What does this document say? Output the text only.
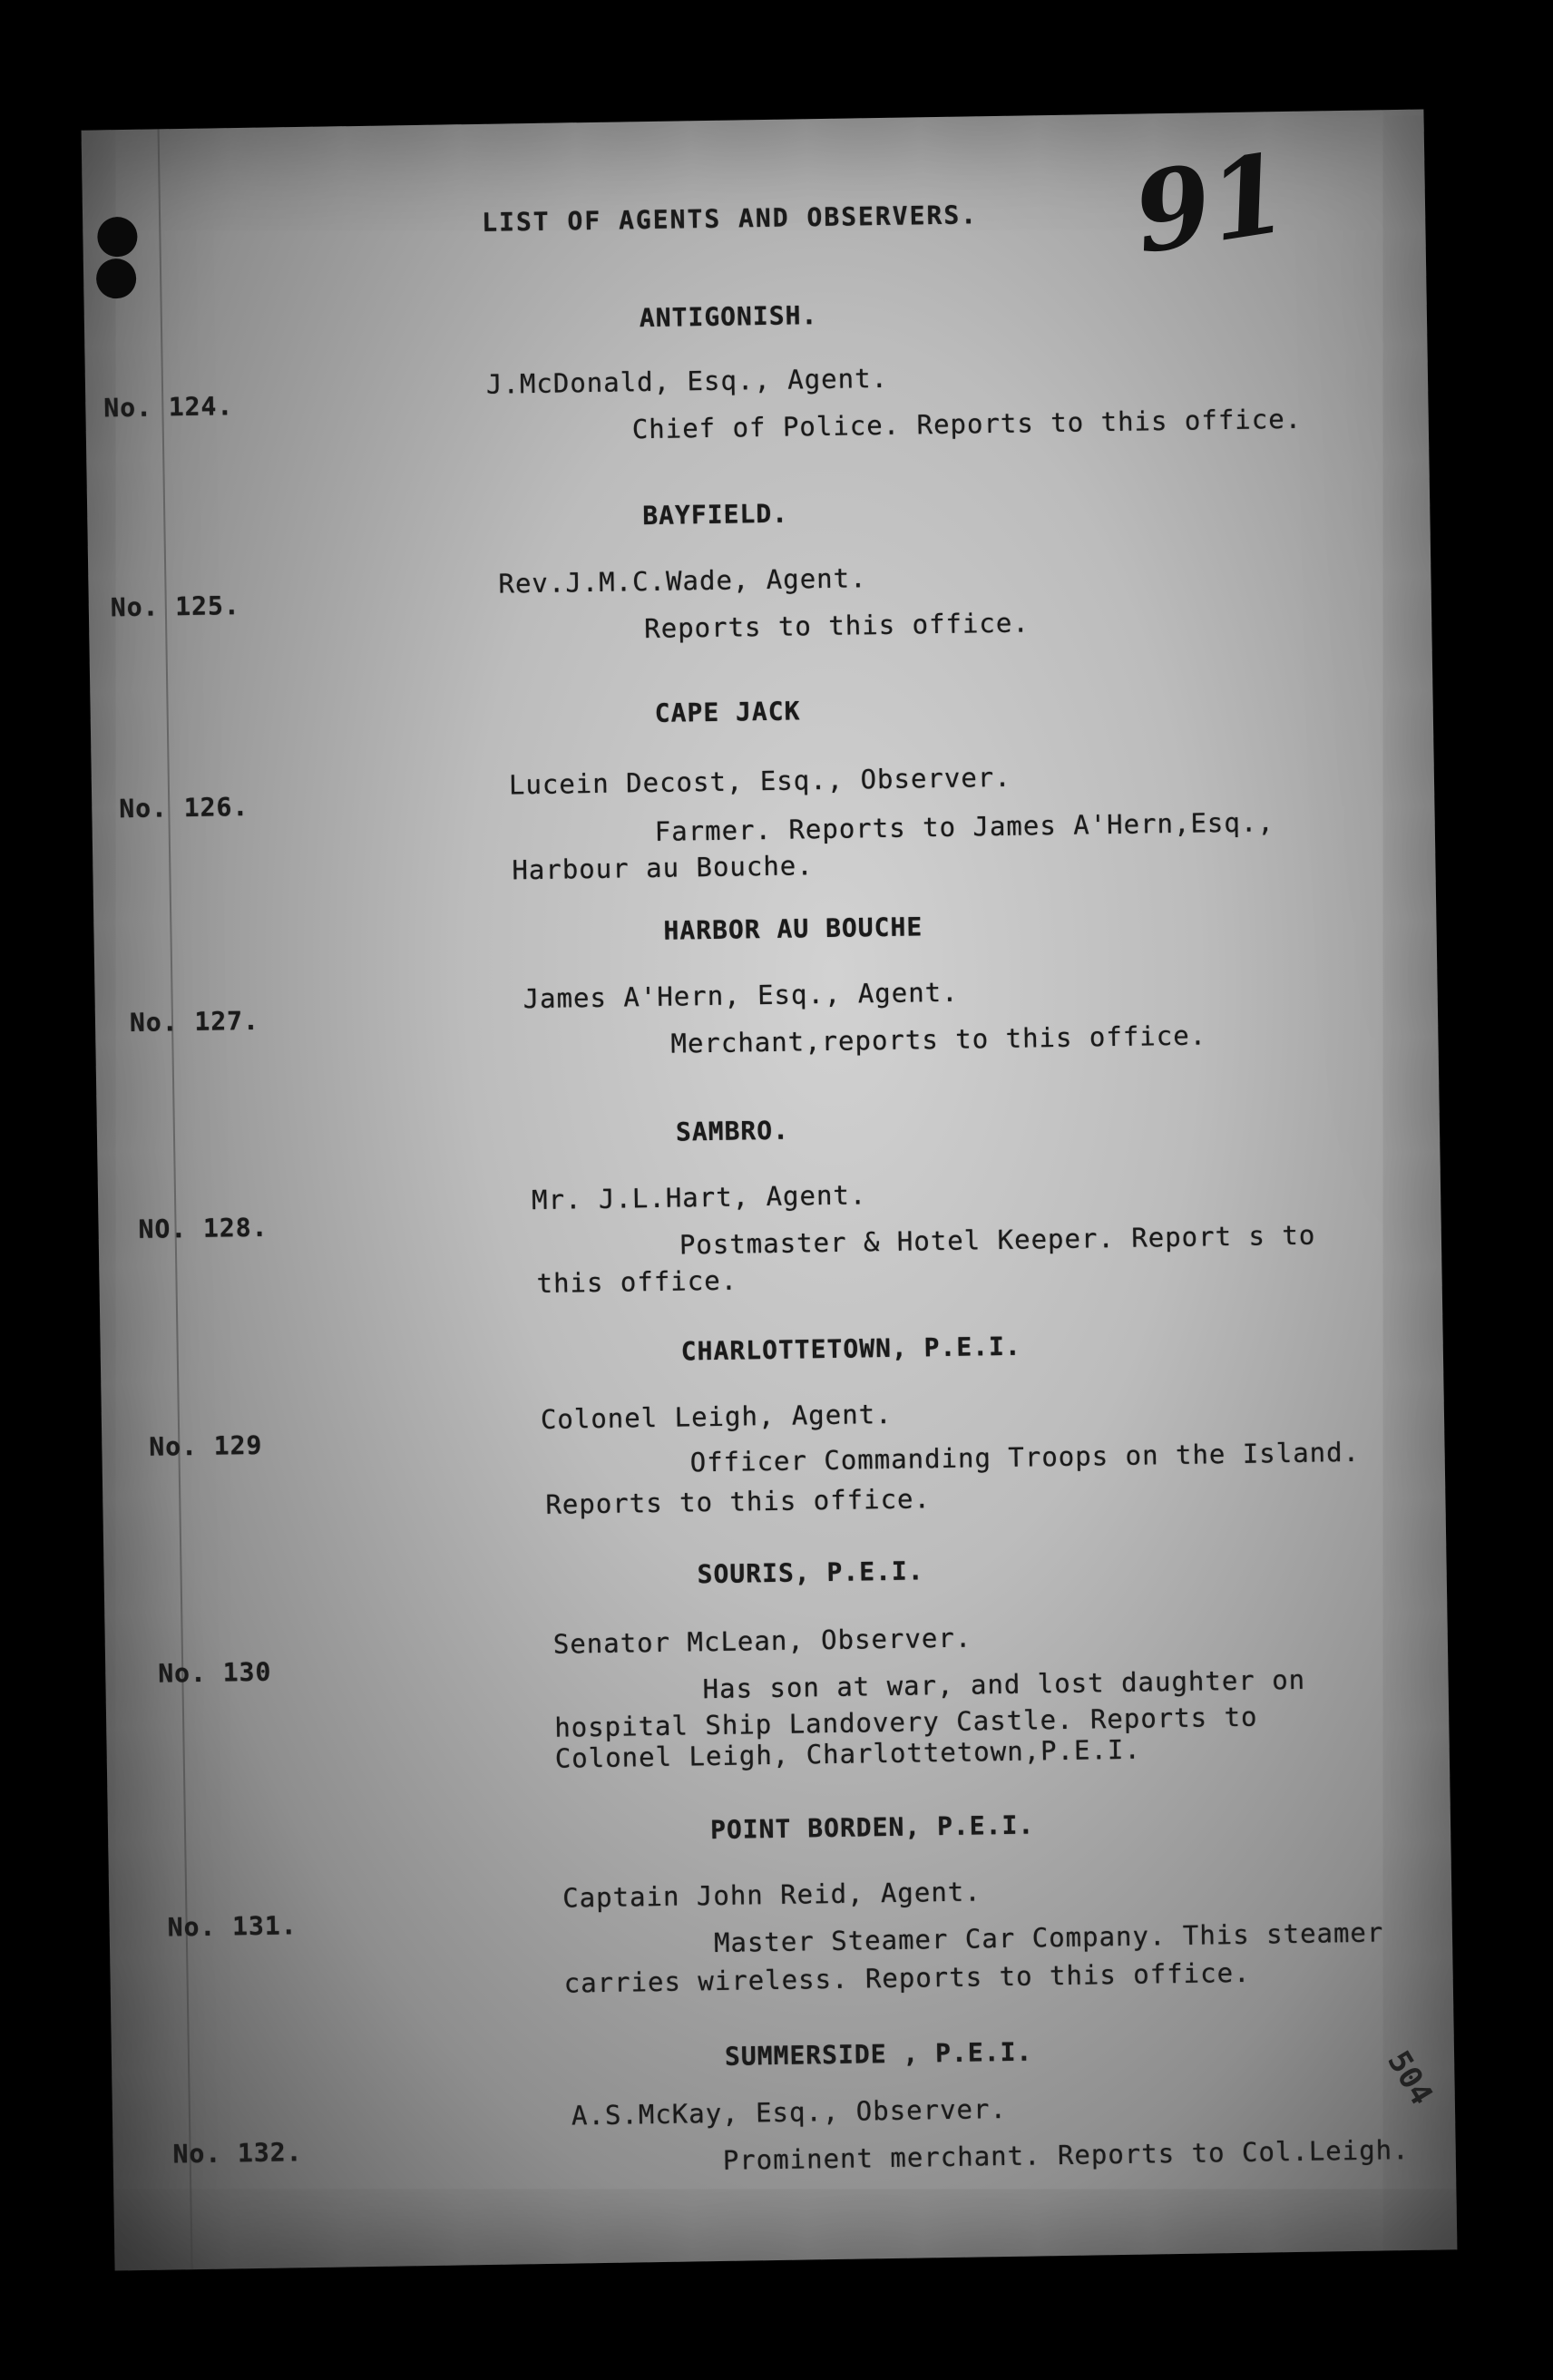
LIST OF AGENTS AND OBSERVERS. 91
ANTIGONISH.
No. 124.
J.McDonald, Esq., Agent.
Chief of Police. Reports to this office.
BAYFIELD.
No. 125.
Rev.J.M.C.Wade, Agent.
Reports to this office.
CAPE JACK
No. 126.
Lucein Decost, Esq., Observer.
Farmer. Reports to James A'Hern,Esq.,
Harbour au Bouche.
HARBOR AU BOUCHE
No. 127.
James A'Hern, Esq., Agent.
Merchant,reports to this office.
SAMBRO.
NO. 128.
Mr. J.L.Hart, Agent.
Postmaster & Hotel Keeper. Report s to
this office.
CHARLOTTETOWN, P.E.I.
No. 129
Colonel Leigh, Agent.
Officer Commanding Troops on the Island.
Reports to this office.
SOURIS, P.E.I.
No. 130
Senator McLean, Observer.
Has son at war, and lost daughter on
hospital Ship Landovery Castle. Reports to
Colonel Leigh, Charlottetown,P.E.I.
POINT BORDEN, P.E.I.
No. 131.
Captain John Reid, Agent.
Master Steamer Car Company. This steamer
carries wireless. Reports to this office.
SUMMERSIDE , P.E.I.
No. 132.
A.S.McKay, Esq., Observer.
Prominent merchant. Reports to Col.Leigh.
504
